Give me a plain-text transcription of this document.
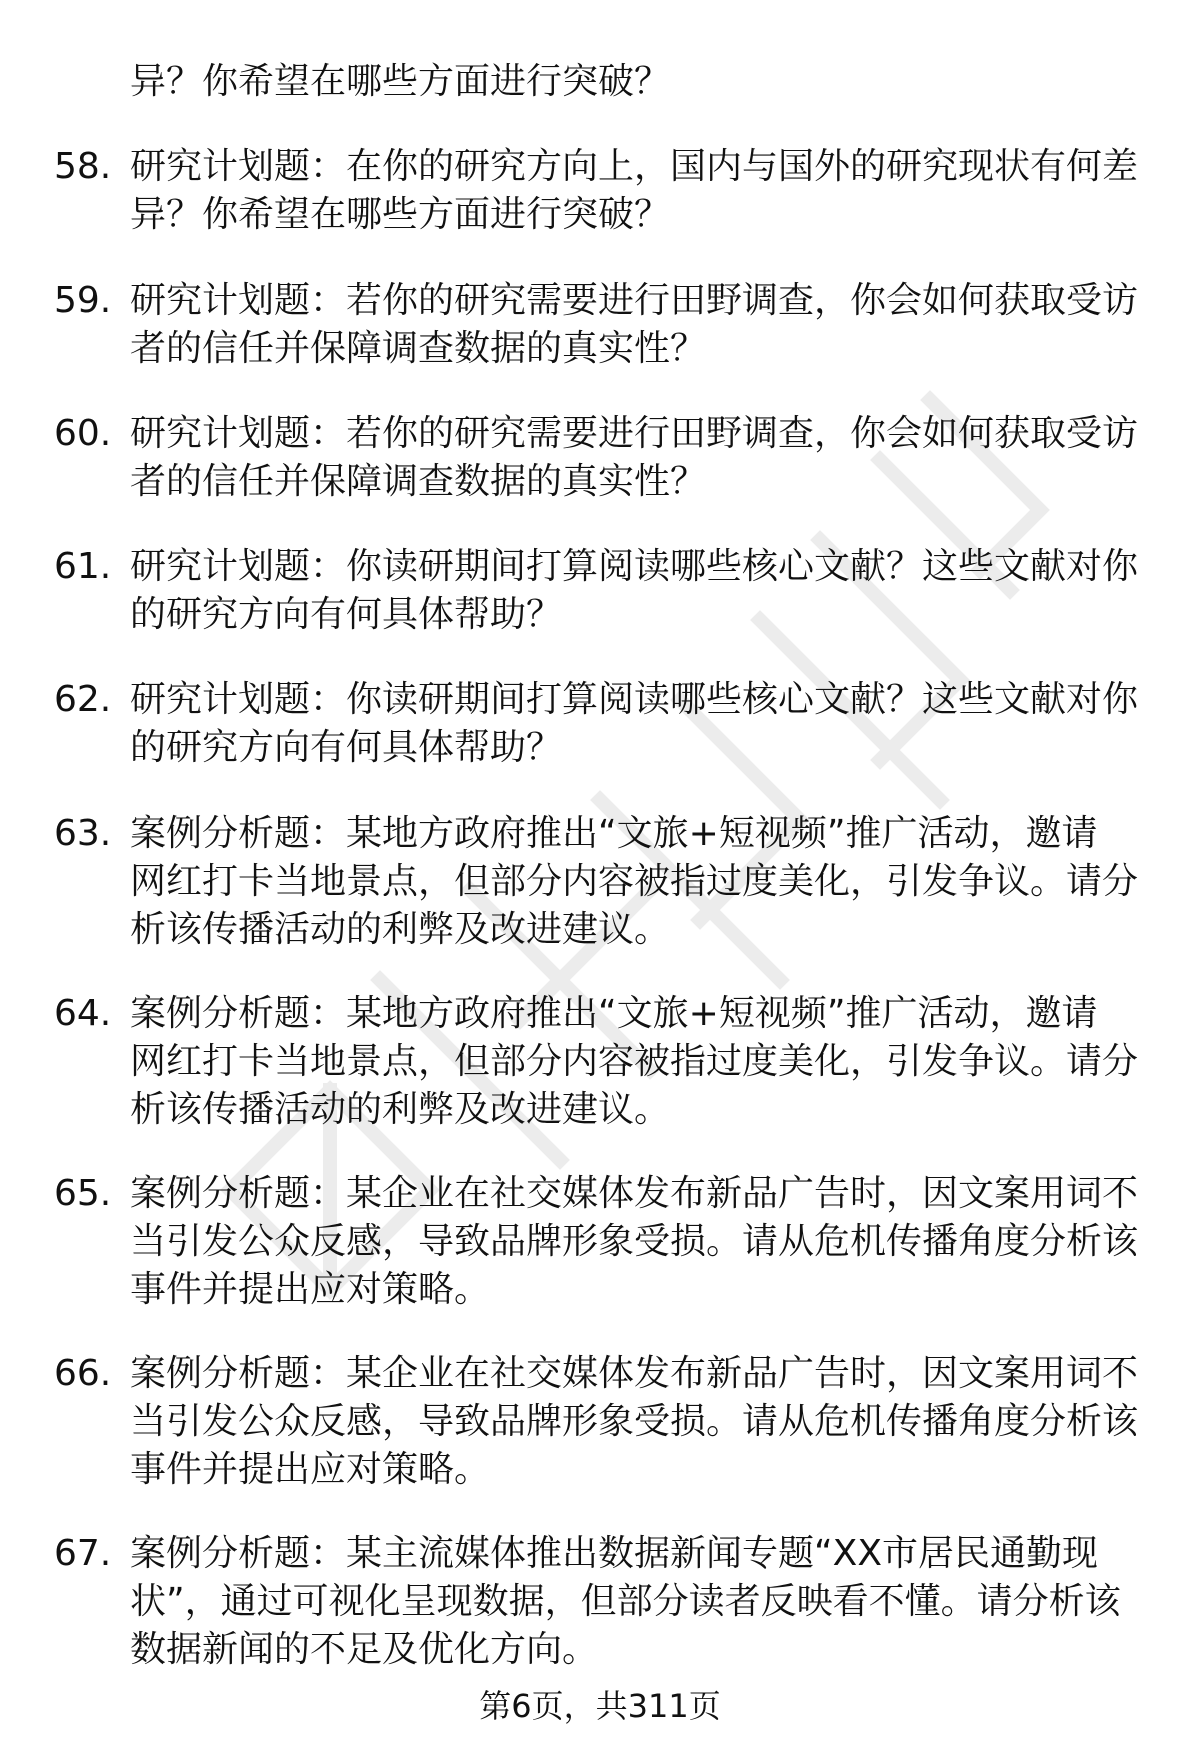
异？你希望在哪些方面进行突破？
58. 研究计划题：在你的研究方向上，国内与国外的研究现状有何差
异？你希望在哪些方面进行突破？
59. 研究计划题：若你的研究需要进行田野调查，你会如何获取受访
者的信任并保障调查数据的真实性？
60. 研究计划题：若你的研究需要进行田野调查，你会如何获取受访
者的信任并保障调查数据的真实性？
61. 研究计划题：你读研期间打算阅读哪些核心文献？这些文献对你
的研究方向有何具体帮助？
62. 研究计划题：你读研期间打算阅读哪些核心文献？这些文献对你
的研究方向有何具体帮助？
63. 案例分析题：某地方政府推出“文旅+短视频”推广活动，邀请
网红打卡当地景点，但部分内容被指过度美化，引发争议。请分
析该传播活动的利弊及改进建议。
64. 案例分析题：某地方政府推出“文旅+短视频”推广活动，邀请
网红打卡当地景点，但部分内容被指过度美化，引发争议。请分
析该传播活动的利弊及改进建议。
65. 案例分析题：某企业在社交媒体发布新品广告时，因文案用词不
当引发公众反感，导致品牌形象受损。请从危机传播角度分析该
事件并提出应对策略。
66. 案例分析题：某企业在社交媒体发布新品广告时，因文案用词不
当引发公众反感，导致品牌形象受损。请从危机传播角度分析该
事件并提出应对策略。
67. 案例分析题：某主流媒体推出数据新闻专题“XX市居民通勤现
状”，通过可视化呈现数据，但部分读者反映看不懂。请分析该
数据新闻的不足及优化方向。
第6页，共311页
